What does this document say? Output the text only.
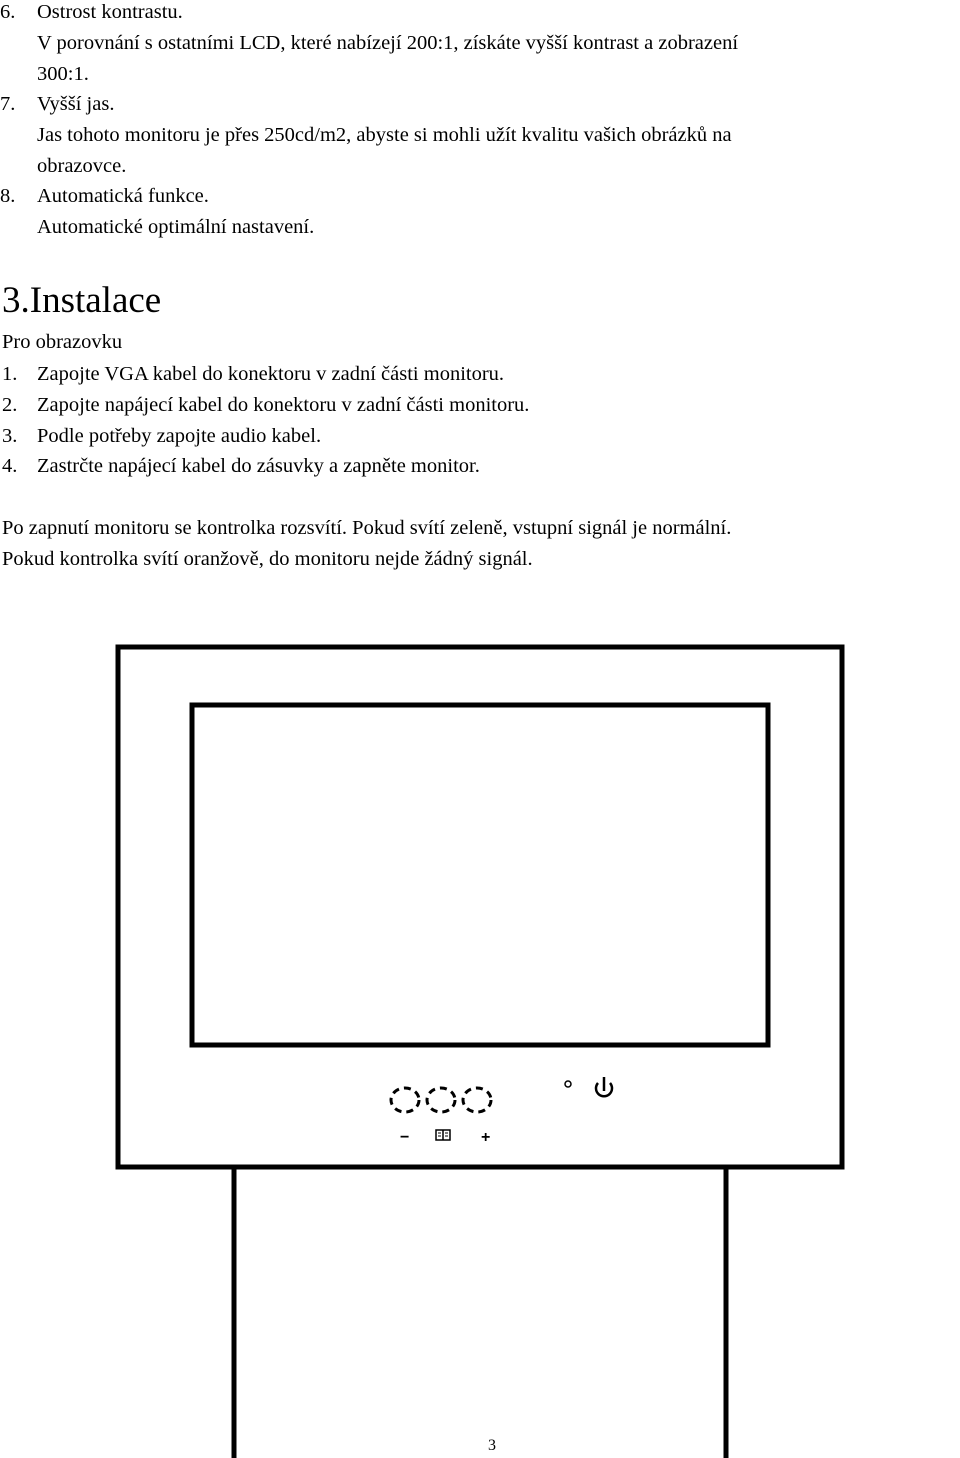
6. Ostrost kontrastu.
V porovnání s ostatními LCD, které nabízejí 200:1, získáte vyšší kontrast a zobrazení
300:1.
7. Vyšší jas.
Jas tohoto monitoru je přes 250cd/m2, abyste si mohli užít kvalitu vašich obrázků na
obrazovce.
8. Automatická funkce.
Automatické optimální nastavení.
3.Instalace
Pro obrazovku
1. Zapojte VGA kabel do konektoru v zadní části monitoru.
2. Zapojte napájecí kabel do konektoru v zadní části monitoru.
3. Podle potřeby zapojte audio kabel.
4. Zastrčte napájecí kabel do zásuvky a zapněte monitor.
Po zapnutí monitoru se kontrolka rozsvítí. Pokud svítí zeleně, vstupní signál je normální.
Pokud kontrolka svítí oranžově, do monitoru nejde žádný signál.
−	+
3
